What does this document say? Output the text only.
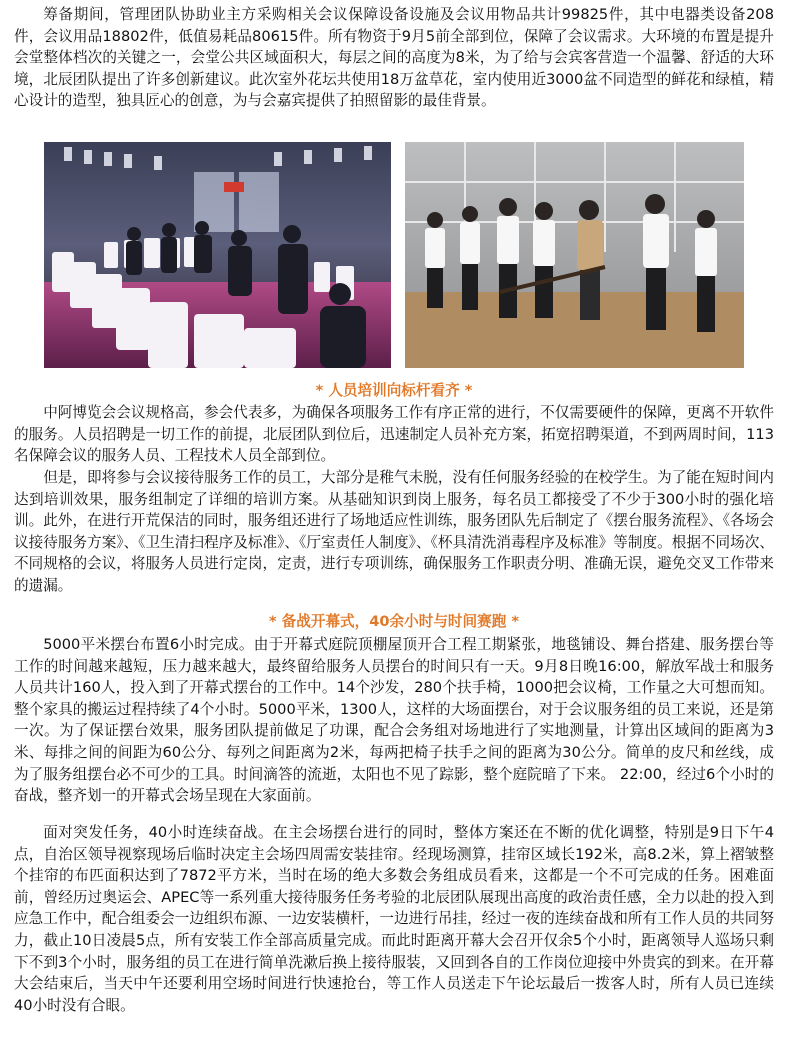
筹备期间，管理团队协助业主方采购相关会议保障设备设施及会议用物品共计99825件，其中电器类设备208件，会议用品18802件，低值易耗品80615件。所有物资于9月5前全部到位，保障了会议需求。大环境的布置是提升会堂整体档次的关键之一，会堂公共区域面积大，每层之间的高度为8米，为了给与会宾客营造一个温馨、舒适的大环境，北辰团队提出了许多创新建议。此次室外花坛共使用18万盆草花，室内使用近3000盆不同造型的鲜花和绿植，精心设计的造型，独具匠心的创意，为与会嘉宾提供了拍照留影的最佳背景。

* 人员培训向标杆看齐 *

中阿博览会会议规格高，参会代表多，为确保各项服务工作有序正常的进行，不仅需要硬件的保障，更离不开软件的服务。人员招聘是一切工作的前提，北辰团队到位后，迅速制定人员补充方案，拓宽招聘渠道，不到两周时间，113名保障会议的服务人员、工程技术人员全部到位。

但是，即将参与会议接待服务工作的员工，大部分是稚气未脱，没有任何服务经验的在校学生。为了能在短时间内达到培训效果，服务组制定了详细的培训方案。从基础知识到岗上服务，每名员工都接受了不少于300小时的强化培训。此外，在进行开荒保洁的同时，服务组还进行了场地适应性训练，服务团队先后制定了《摆台服务流程》、《各场会议接待服务方案》、《卫生清扫程序及标准》、《厅室责任人制度》、《杯具清洗消毒程序及标准》等制度。根据不同场次、不同规格的会议，将服务人员进行定岗，定责，进行专项训练，确保服务工作职责分明、准确无误，避免交叉工作带来的遗漏。

* 备战开幕式，40余小时与时间赛跑 *

5000平米摆台布置6小时完成。由于开幕式庭院顶棚屋顶开合工程工期紧张，地毯铺设、舞台搭建、服务摆台等工作的时间越来越短，压力越来越大，最终留给服务人员摆台的时间只有一天。9月8日晚16:00，解放军战士和服务人员共计160人，投入到了开幕式摆台的工作中。14个沙发，280个扶手椅，1000把会议椅，工作量之大可想而知。整个家具的搬运过程持续了4个小时。5000平米，1300人，这样的大场面摆台，对于会议服务组的员工来说，还是第一次。为了保证摆台效果，服务团队提前做足了功课，配合会务组对场地进行了实地测量，计算出区域间的距离为3米、每排之间的间距为60公分、每列之间距离为2米，每两把椅子扶手之间的距离为30公分。简单的皮尺和丝线，成为了服务组摆台必不可少的工具。时间滴答的流逝，太阳也不见了踪影，整个庭院暗了下来。 22:00，经过6个小时的奋战，整齐划一的开幕式会场呈现在大家面前。

面对突发任务，40小时连续奋战。在主会场摆台进行的同时，整体方案还在不断的优化调整，特别是9日下午4点，自治区领导视察现场后临时决定主会场四周需安装挂帘。经现场测算，挂帘区域长192米，高8.2米，算上褶皱整个挂帘的布匹面积达到了7872平方米，当时在场的绝大多数会务组成员看来，这都是一个不可完成的任务。困难面前，曾经历过奥运会、APEC等一系列重大接待服务任务考验的北辰团队展现出高度的政治责任感，全力以赴的投入到应急工作中，配合组委会一边组织布源、一边安装横杆，一边进行吊挂，经过一夜的连续奋战和所有工作人员的共同努力，截止10日凌晨5点，所有安装工作全部高质量完成。而此时距离开幕大会召开仅余5个小时，距离领导人巡场只剩下不到3个小时，服务组的员工在进行简单洗漱后换上接待服装，又回到各自的工作岗位迎接中外贵宾的到来。在开幕大会结束后，当天中午还要利用空场时间进行快速抢台，等工作人员送走下午论坛最后一拨客人时，所有人员已连续40小时没有合眼。
